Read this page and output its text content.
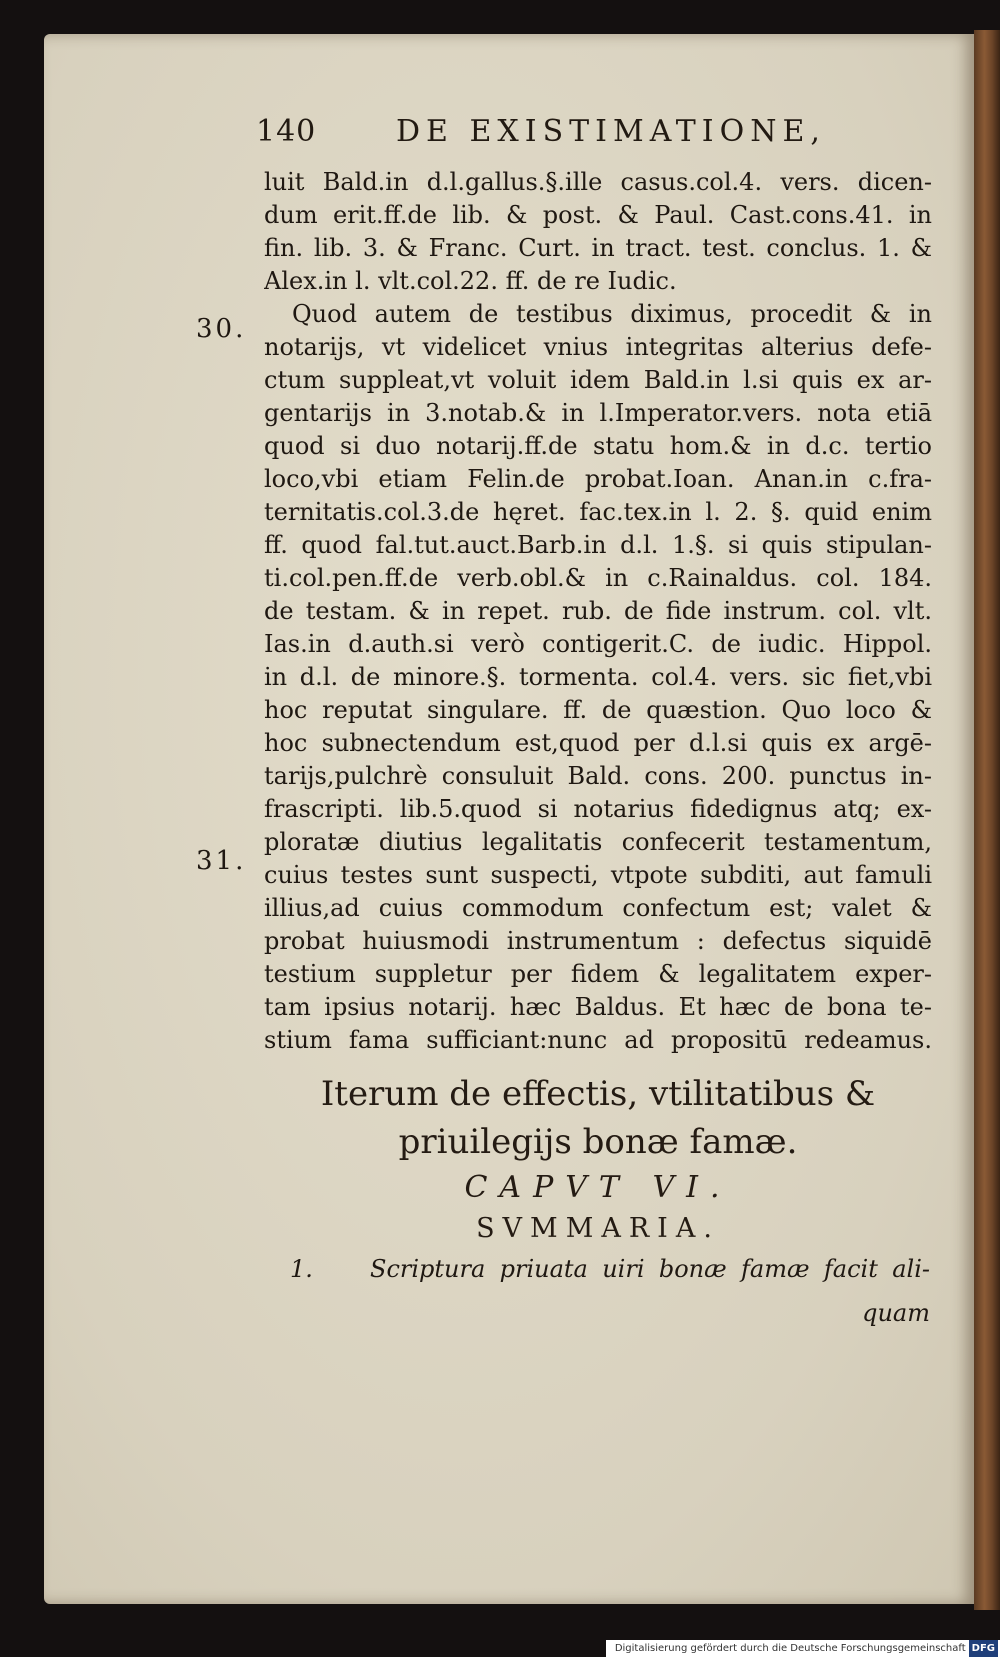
140	DE EXISTIMATIONE,
30.
31.
luit Bald.in d.l.gallus.§.ille casus.col.4. vers. dicen-
dum erit.ff.de lib. & post. & Paul. Cast.cons.41. in
fin. lib. 3. & Franc. Curt. in tract. test. conclus. 1. &
Alex.in l. vlt.col.22. ff. de re Iudic.
Quod autem de testibus diximus, procedit & in
notarijs, vt videlicet vnius integritas alterius defe-
ctum suppleat,vt voluit idem Bald.in l.si quis ex ar-
gentarijs in 3.notab.& in l.Imperator.vers. nota etiā
quod si duo notarij.ff.de statu hom.& in d.c. tertio
loco,vbi etiam Felin.de probat.Ioan. Anan.in c.fra-
ternitatis.col.3.de hęret. fac.tex.in l. 2. §. quid enim
ff. quod fal.tut.auct.Barb.in d.l. 1.§. si quis stipulan-
ti.col.pen.ff.de verb.obl.& in c.Rainaldus. col. 184.
de testam. & in repet. rub. de fide instrum. col. vlt.
Ias.in d.auth.si verò contigerit.C. de iudic. Hippol.
in d.l. de minore.§. tormenta. col.4. vers. sic fiet,vbi
hoc reputat singulare. ff. de quæstion. Quo loco &
hoc subnectendum est,quod per d.l.si quis ex argē-
tarijs,pulchrè consuluit Bald. cons. 200. punctus in-
frascripti. lib.5.quod si notarius fidedignus atq; ex-
ploratæ diutius legalitatis confecerit testamentum,
cuius testes sunt suspecti, vtpote subditi, aut famuli
illius,ad cuius commodum confectum est; valet &
probat huiusmodi instrumentum : defectus siquidē
testium suppletur per fidem & legalitatem exper-
tam ipsius notarij. hæc Baldus. Et hæc de bona te-
stium fama sufficiant:nunc ad propositū redeamus.
Iterum de effectis, vtilitatibus &
priuilegijs bonæ famæ.
CAPVT VI.
SVMMARIA.
1. Scriptura priuata uiri bonæ famæ facit ali-
quam
Digitalisierung gefördert durch die Deutsche Forschungsgemeinschaft DFG
